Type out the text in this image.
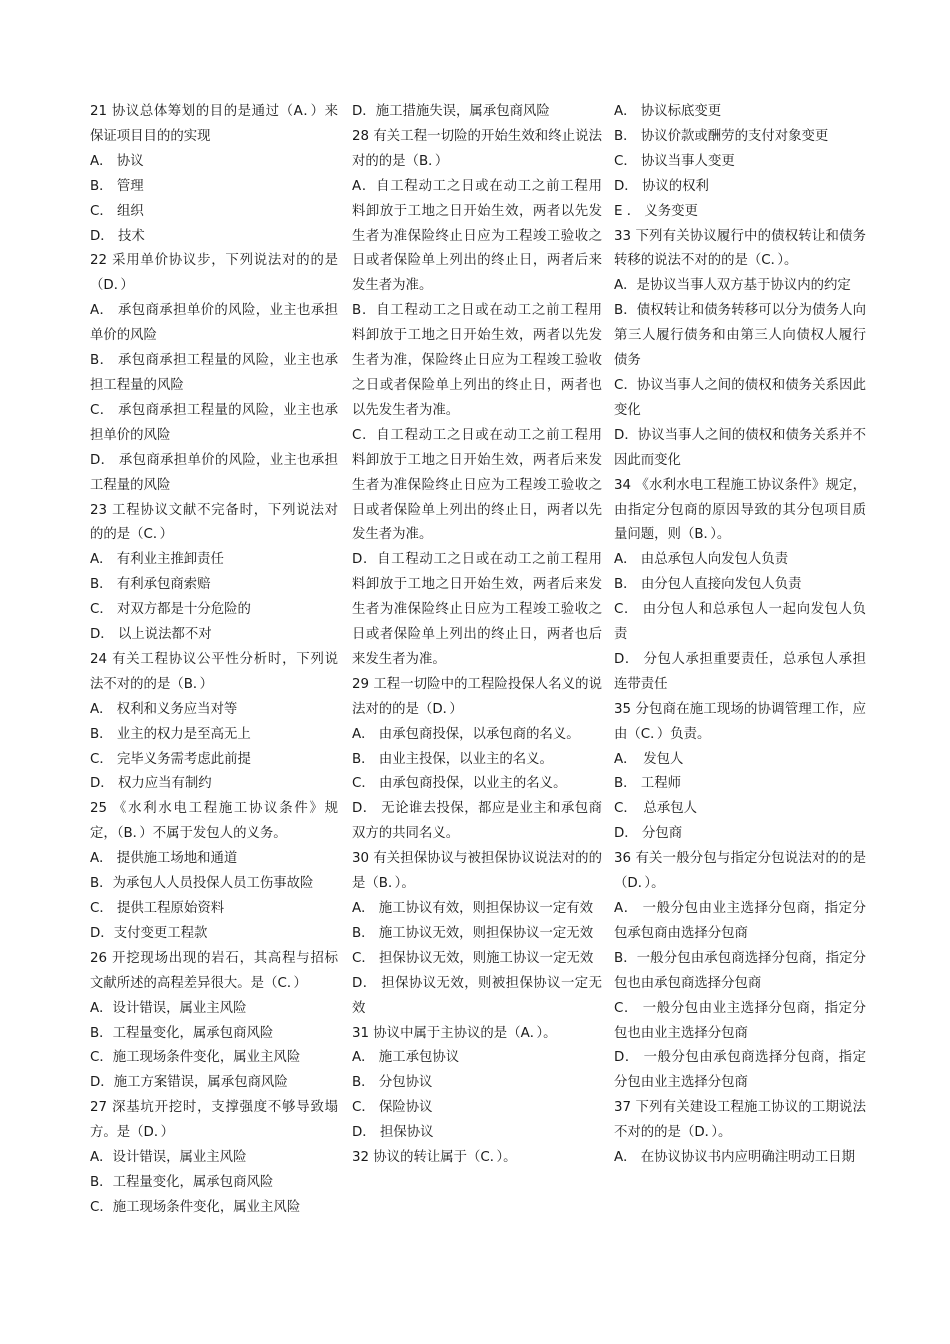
21 协议总体筹划的目的是通过（A．）来保证项目目的的实现

A． 协议

B． 管理

C． 组织

D． 技术

22 采用单价协议步，下列说法对的的是（D．）

A． 承包商承担单价的风险，业主也承担单价的风险

B． 承包商承担工程量的风险，业主也承担工程量的风险

C． 承包商承担工程量的风险，业主也承担单价的风险

D． 承包商承担单价的风险，业主也承担工程量的风险

23 工程协议文献不完备时，下列说法对的的是（C．）

A． 有利业主推卸责任

B． 有利承包商索赔

C． 对双方都是十分危险的

D． 以上说法都不对

24 有关工程协议公平性分析时，下列说法不对的的是（B．）

A． 权利和义务应当对等

B． 业主的权力是至高无上

C． 完毕义务需考虑此前提

D． 权力应当有制约

25 《水利水电工程施工协议条件》规定，（B．）不属于发包人的义务。

A． 提供施工场地和通道

B．为承包人人员投保人员工伤事故险

C． 提供工程原始资料

D．支付变更工程款

26 开挖现场出现的岩石，其高程与招标文献所述的高程差异很大。是（C．）

A．设计错误，属业主风险

B．工程量变化，属承包商风险

C．施工现场条件变化，属业主风险

D．施工方案错误，属承包商风险

27 深基坑开挖时，支撑强度不够导致塌方。是（D．）

A．设计错误，属业主风险

B．工程量变化，属承包商风险

C．施工现场条件变化，属业主风险

D．施工措施失误，属承包商风险

28 有关工程一切险的开始生效和终止说法对的的是（B．）

A．自工程动工之日或在动工之前工程用料卸放于工地之日开始生效，两者以先发生者为准保险终止日应为工程竣工验收之日或者保险单上列出的终止日，两者后来发生者为准。

B．自工程动工之日或在动工之前工程用料卸放于工地之日开始生效，两者以先发生者为准，保险终止日应为工程竣工验收之日或者保险单上列出的终止日，两者也以先发生者为准。

C．自工程动工之日或在动工之前工程用料卸放于工地之日开始生效，两者后来发生者为准保险终止日应为工程竣工验收之日或者保险单上列出的终止日，两者以先发生者为准。

D．自工程动工之日或在动工之前工程用料卸放于工地之日开始生效，两者后来发生者为准保险终止日应为工程竣工验收之日或者保险单上列出的终止日，两者也后来发生者为准。

29 工程一切险中的工程险投保人名义的说法对的的是（D．）

A． 由承包商投保，以承包商的名义。

B． 由业主投保，以业主的名义。

C． 由承包商投保，以业主的名义。

D． 无论谁去投保，都应是业主和承包商双方的共同名义。

30 有关担保协议与被担保协议说法对的的是（B．）。

A． 施工协议有效，则担保协议一定有效

B． 施工协议无效，则担保协议一定无效

C． 担保协议无效，则施工协议一定无效

D． 担保协议无效，则被担保协议一定无效

31 协议中属于主协议的是（A．）。

A． 施工承包协议

B． 分包协议

C． 保险协议

D． 担保协议

32 协议的转让属于（C．）。

A． 协议标底变更

B． 协议价款或酬劳的支付对象变更

C． 协议当事人变更

D． 协议的权利

E ． 义务变更

33 下列有关协议履行中的债权转让和债务转移的说法不对的的是（C．）。

A．是协议当事人双方基于协议内的约定

B．债权转让和债务转移可以分为债务人向第三人履行债务和由第三人向债权人履行债务

C．协议当事人之间的债权和债务关系因此变化

D．协议当事人之间的债权和债务关系并不因此而变化

34 《水利水电工程施工协议条件》规定，由指定分包商的原因导致的其分包项目质量问题，则（B．）。

A． 由总承包人向发包人负责

B． 由分包人直接向发包人负责

C． 由分包人和总承包人一起向发包人负责

D． 分包人承担重要责任，总承包人承担连带责任

35 分包商在施工现场的协调管理工作，应由（C．）负责。

A．　发包人

B． 工程师

C．　总承包人

D． 分包商

36 有关一般分包与指定分包说法对的的是（D．）。

A． 一般分包由业主选择分包商，指定分包承包商由选择分包商

B．一般分包由承包商选择分包商，指定分包也由承包商选择分包商

C． 一般分包由业主选择分包商，指定分包也由业主选择分包商

D． 一般分包由承包商选择分包商，指定分包由业主选择分包商

37 下列有关建设工程施工协议的工期说法不对的的是（D．）。

A． 在协议协议书内应明确注明动工日期
